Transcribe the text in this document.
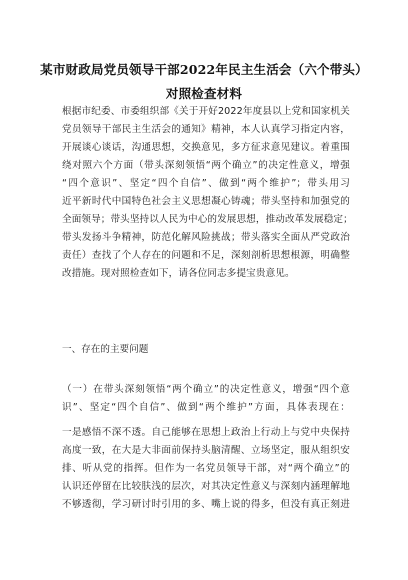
某市财政局党员领导干部2022年民主生活会（六个带头）
对照检查材料
根据市纪委、市委组织部《关于开好2022年度县以上党和国家机关
党员领导干部民主生活会的通知》精神，本人认真学习指定内容，
开展谈心谈话，沟通思想，交换意见，多方征求意见建议。着重围
绕对照六个方面（带头深刻领悟“两个确立”的决定性意义，增强
“四个意识”、坚定“四个自信”、做到“两个维护”；带头用习
近平新时代中国特色社会主义思想凝心铸魂；带头坚持和加强党的
全面领导；带头坚持以人民为中心的发展思想，推动改革发展稳定；
带头发扬斗争精神，防范化解风险挑战；带头落实全面从严党政治
责任）查找了个人存在的问题和不足，深刻剖析思想根源，明确整
改措施。现对照检查如下，请各位同志多提宝贵意见。
一、存在的主要问题
（一）在带头深刻领悟“两个确立”的决定性意义，增强“四个意
识”、坚定“四个自信”、做到“两个维护”方面，具体表现在：
一是感悟不深不透。自己能够在思想上政治上行动上与党中央保持
高度一致，在大是大非面前保持头脑清醒、立场坚定，服从组织安
排、听从党的指挥。但作为一名党员领导干部，对“两个确立”的
认识还停留在比较肤浅的层次，对其决定性意义与深刻内涵理解地
不够透彻，学习研讨时引用的多、嘴上说的得多，但没有真正刻进
